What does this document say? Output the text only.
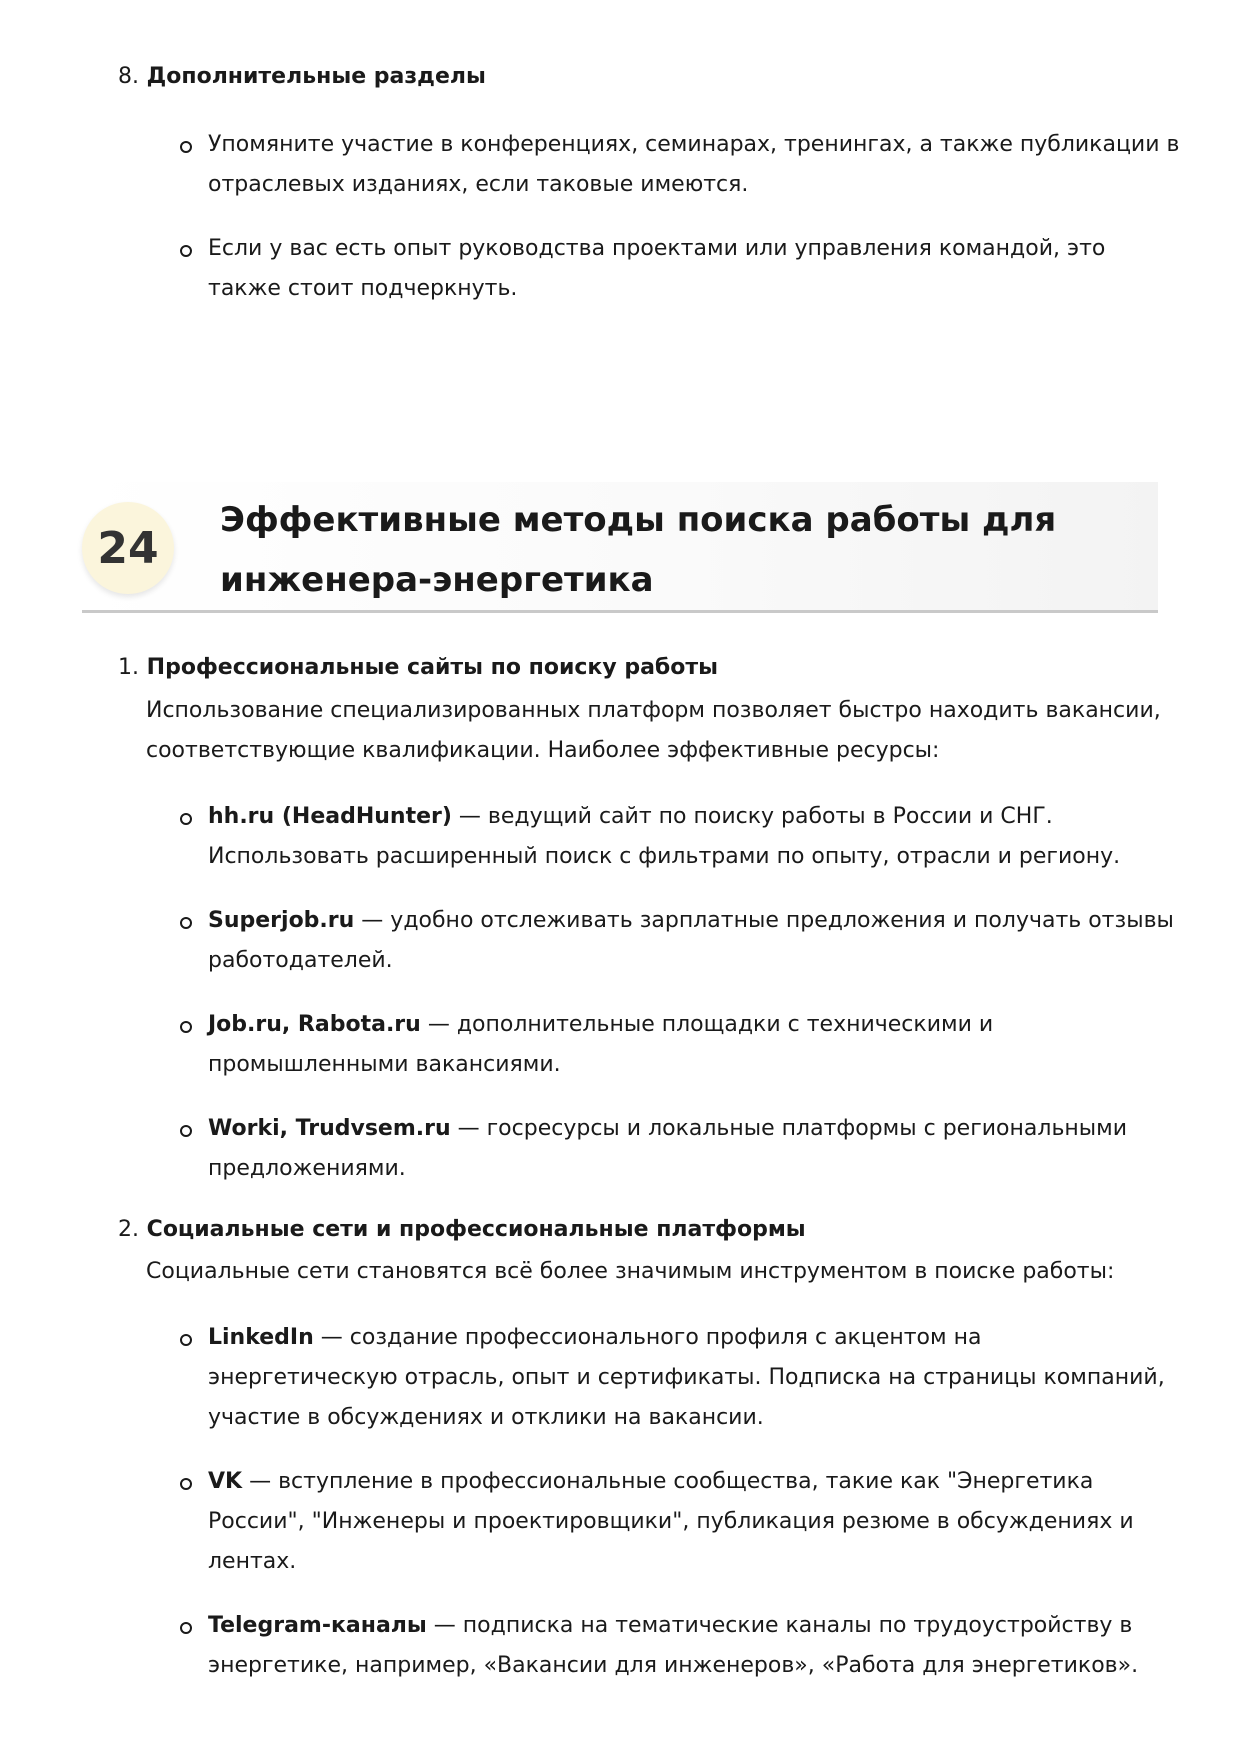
8. Дополнительные разделы
Упомяните участие в конференциях, семинарах, тренингах, а также публикации в
отраслевых изданиях, если таковые имеются.
Если у вас есть опыт руководства проектами или управления командой, это
также стоит подчеркнуть.
24
Эффективные методы поиска работы для
инженера-энергетика
1. Профессиональные сайты по поиску работы
Использование специализированных платформ позволяет быстро находить вакансии,
соответствующие квалификации. Наиболее эффективные ресурсы:
hh.ru (HeadHunter) — ведущий сайт по поиску работы в России и СНГ.
Использовать расширенный поиск с фильтрами по опыту, отрасли и региону.
Superjob.ru — удобно отслеживать зарплатные предложения и получать отзывы
работодателей.
Job.ru, Rabota.ru — дополнительные площадки с техническими и
промышленными вакансиями.
Worki, Trudvsem.ru — госресурсы и локальные платформы с региональными
предложениями.
2. Социальные сети и профессиональные платформы
Социальные сети становятся всё более значимым инструментом в поиске работы:
LinkedIn — создание профессионального профиля с акцентом на
энергетическую отрасль, опыт и сертификаты. Подписка на страницы компаний,
участие в обсуждениях и отклики на вакансии.
VK — вступление в профессиональные сообщества, такие как "Энергетика
России", "Инженеры и проектировщики", публикация резюме в обсуждениях и
лентах.
Telegram-каналы — подписка на тематические каналы по трудоустройству в
энергетике, например, «Вакансии для инженеров», «Работа для энергетиков».
